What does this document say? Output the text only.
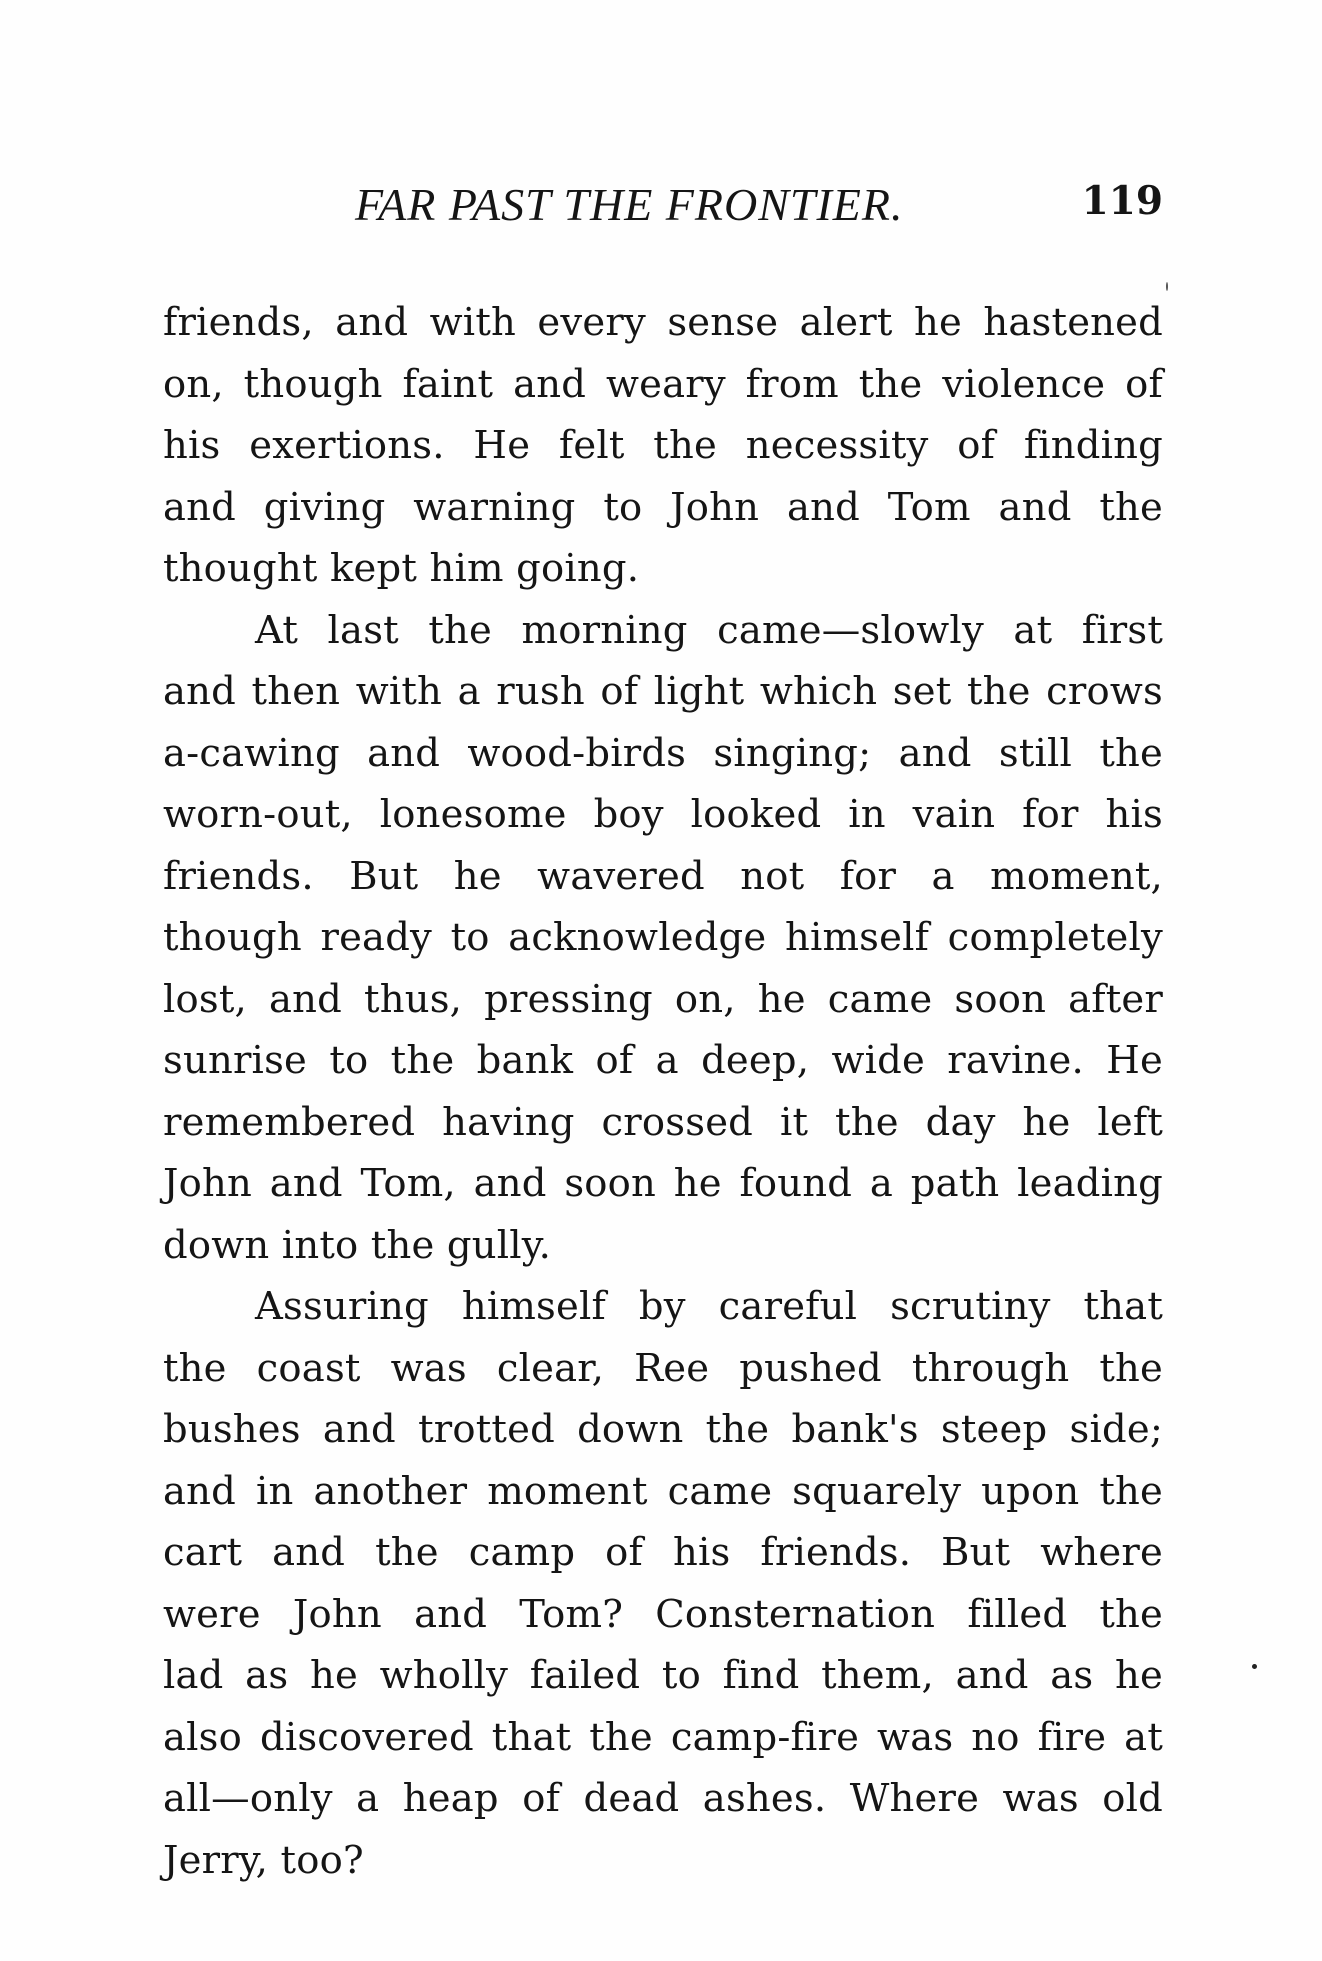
FAR PAST THE FRONTIER.	119
friends, and with every sense alert he hastened
on, though faint and weary from the violence of
his exertions. He felt the necessity of finding
and giving warning to John and Tom and the
thought kept him going.
At last the morning came—slowly at first
and then with a rush of light which set the crows
a-cawing and wood-birds singing; and still the
worn-out, lonesome boy looked in vain for his
friends. But he wavered not for a moment,
though ready to acknowledge himself completely
lost, and thus, pressing on, he came soon after
sunrise to the bank of a deep, wide ravine. He
remembered having crossed it the day he left
John and Tom, and soon he found a path leading
down into the gully.
Assuring himself by careful scrutiny that
the coast was clear, Ree pushed through the
bushes and trotted down the bank's steep side;
and in another moment came squarely upon the
cart and the camp of his friends. But where
were John and Tom? Consternation filled the
lad as he wholly failed to find them, and as he
also discovered that the camp-fire was no fire at
all—only a heap of dead ashes. Where was old
Jerry, too?
